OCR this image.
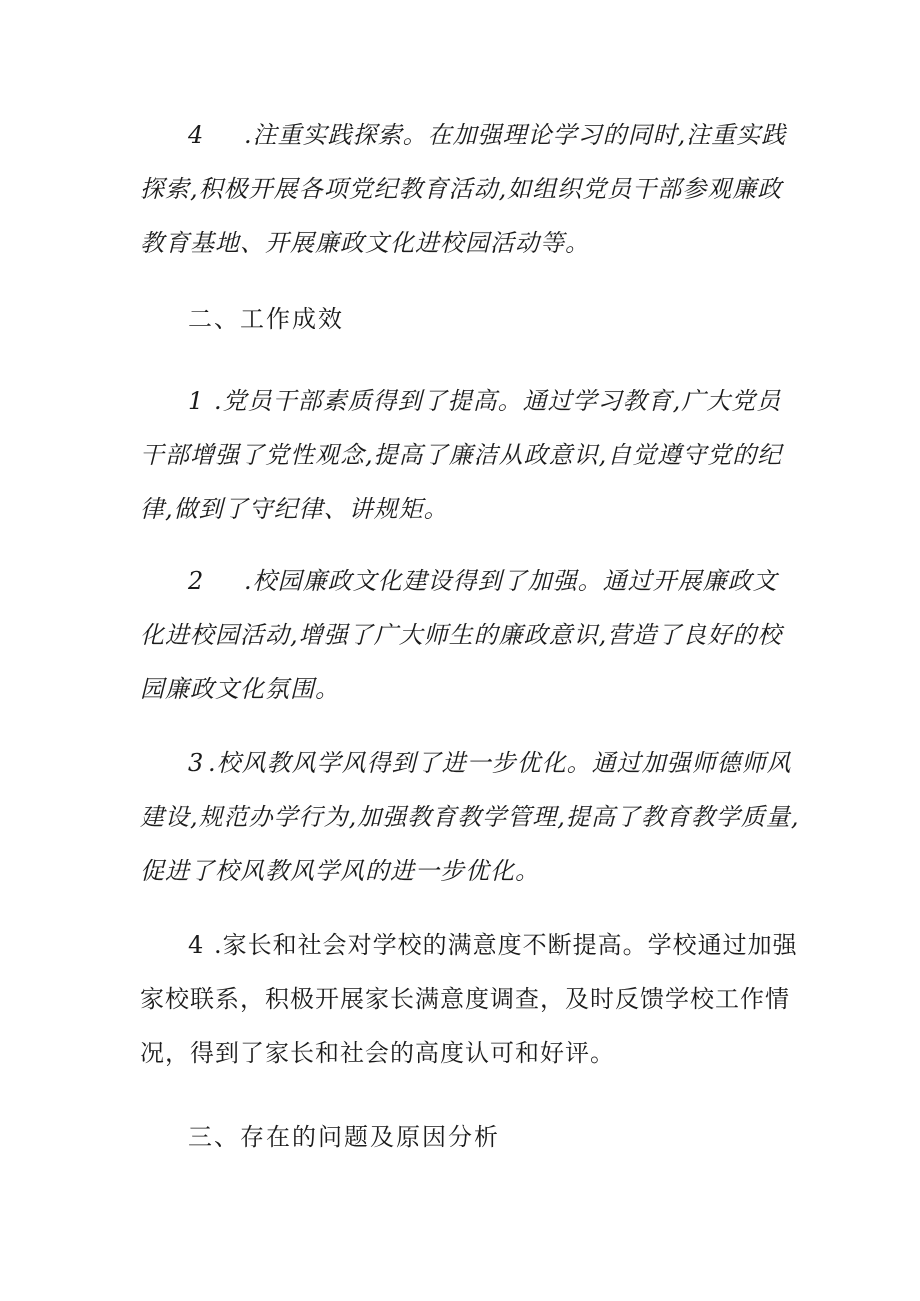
4 .注重实践探索。在加强理论学习的同时,注重实践探索,积极开展各项党纪教育活动,如组织党员干部参观廉政教育基地、开展廉政文化进校园活动等。

二、工作成效

1 .党员干部素质得到了提高。通过学习教育,广大党员干部增强了党性观念,提高了廉洁从政意识,自觉遵守党的纪律,做到了守纪律、讲规矩。

2 .校园廉政文化建设得到了加强。通过开展廉政文化进校园活动,增强了广大师生的廉政意识,营造了良好的校园廉政文化氛围。

3 .校风教风学风得到了进一步优化。通过加强师德师风建设,规范办学行为,加强教育教学管理,提高了教育教学质量,促进了校风教风学风的进一步优化。

4 .家长和社会对学校的满意度不断提高。学校通过加强家校联系，积极开展家长满意度调查，及时反馈学校工作情况，得到了家长和社会的高度认可和好评。

三、存在的问题及原因分析
